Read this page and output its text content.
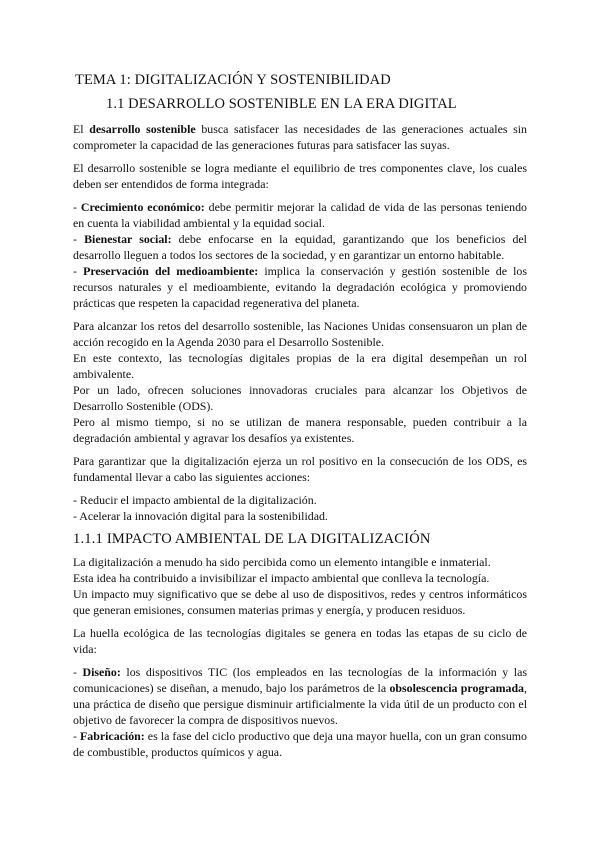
TEMA 1: DIGITALIZACIÓN Y SOSTENIBILIDAD
1.1 DESARROLLO SOSTENIBLE EN LA ERA DIGITAL

El desarrollo sostenible busca satisfacer las necesidades de las generaciones actuales sin comprometer la capacidad de las generaciones futuras para satisfacer las suyas.

El desarrollo sostenible se logra mediante el equilibrio de tres componentes clave, los cuales deben ser entendidos de forma integrada:

- Crecimiento económico: debe permitir mejorar la calidad de vida de las personas teniendo en cuenta la viabilidad ambiental y la equidad social.

- Bienestar social: debe enfocarse en la equidad, garantizando que los beneficios del desarrollo lleguen a todos los sectores de la sociedad, y en garantizar un entorno habitable.

- Preservación del medioambiente: implica la conservación y gestión sostenible de los recursos naturales y el medioambiente, evitando la degradación ecológica y promoviendo prácticas que respeten la capacidad regenerativa del planeta.

Para alcanzar los retos del desarrollo sostenible, las Naciones Unidas consensuaron un plan de acción recogido en la Agenda 2030 para el Desarrollo Sostenible.

En este contexto, las tecnologías digitales propias de la era digital desempeñan un rol ambivalente.

Por un lado, ofrecen soluciones innovadoras cruciales para alcanzar los Objetivos de Desarrollo Sostenible (ODS).

Pero al mismo tiempo, si no se utilizan de manera responsable, pueden contribuir a la degradación ambiental y agravar los desafíos ya existentes.

Para garantizar que la digitalización ejerza un rol positivo en la consecución de los ODS, es fundamental llevar a cabo las siguientes acciones:

- Reducir el impacto ambiental de la digitalización.

- Acelerar la innovación digital para la sostenibilidad.

1.1.1 IMPACTO AMBIENTAL DE LA DIGITALIZACIÓN

La digitalización a menudo ha sido percibida como un elemento intangible e inmaterial.

Esta idea ha contribuido a invisibilizar el impacto ambiental que conlleva la tecnología.

Un impacto muy significativo que se debe al uso de dispositivos, redes y centros informáticos que generan emisiones, consumen materias primas y energía, y producen residuos.

La huella ecológica de las tecnologías digitales se genera en todas las etapas de su ciclo de vida:

- Diseño: los dispositivos TIC (los empleados en las tecnologías de la información y las comunicaciones) se diseñan, a menudo, bajo los parámetros de la obsolescencia programada, una práctica de diseño que persigue disminuir artificialmente la vida útil de un producto con el objetivo de favorecer la compra de dispositivos nuevos.

- Fabricación: es la fase del ciclo productivo que deja una mayor huella, con un gran consumo de combustible, productos químicos y agua.
